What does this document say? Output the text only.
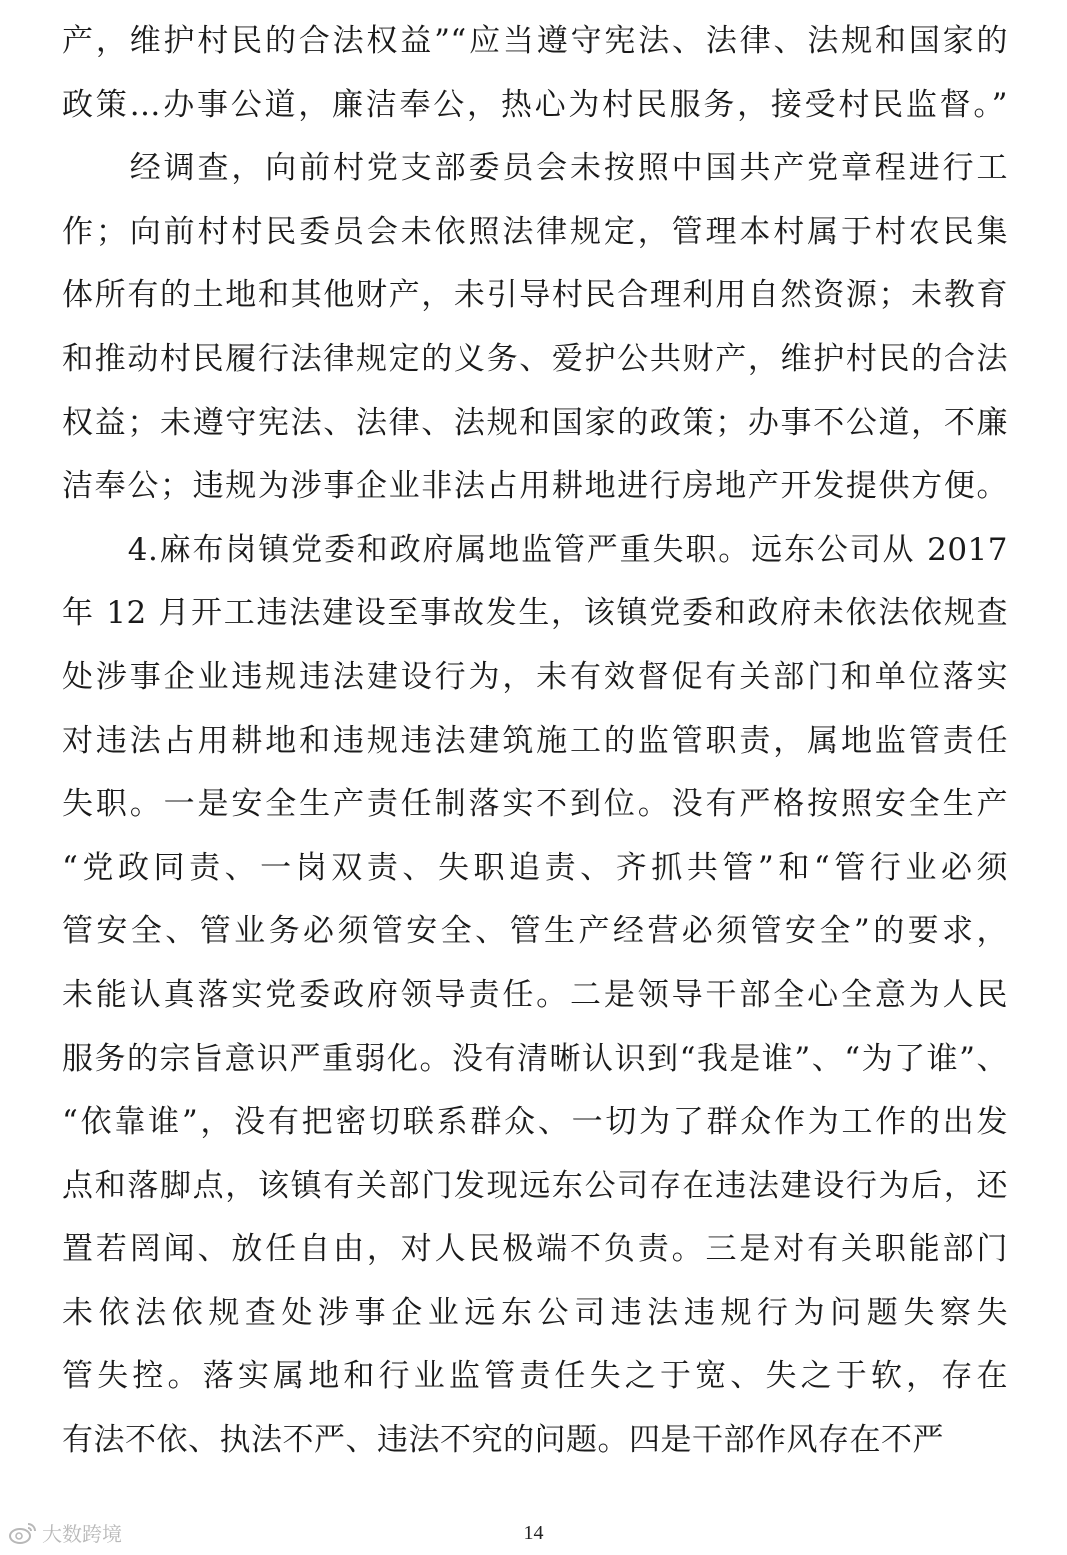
产，维护村民的合法权益”“应当遵守宪法、法律、法规和国家的
政策…办事公道，廉洁奉公，热心为村民服务，接受村民监督。”
　　经调查，向前村党支部委员会未按照中国共产党章程进行工
作；向前村村民委员会未依照法律规定，管理本村属于村农民集
体所有的土地和其他财产，未引导村民合理利用自然资源；未教育
和推动村民履行法律规定的义务、爱护公共财产，维护村民的合法
权益；未遵守宪法、法律、法规和国家的政策；办事不公道，不廉
洁奉公；违规为涉事企业非法占用耕地进行房地产开发提供方便。
　　4.麻布岗镇党委和政府属地监管严重失职。远东公司从 2017
年 12 月开工违法建设至事故发生，该镇党委和政府未依法依规查
处涉事企业违规违法建设行为，未有效督促有关部门和单位落实
对违法占用耕地和违规违法建筑施工的监管职责，属地监管责任
失职。一是安全生产责任制落实不到位。没有严格按照安全生产
“党政同责、一岗双责、失职追责、齐抓共管”和“管行业必须
管安全、管业务必须管安全、管生产经营必须管安全”的要求，
未能认真落实党委政府领导责任。二是领导干部全心全意为人民
服务的宗旨意识严重弱化。没有清晰认识到“我是谁”、“为了谁”、
“依靠谁”，没有把密切联系群众、一切为了群众作为工作的出发
点和落脚点，该镇有关部门发现远东公司存在违法建设行为后，还
置若罔闻、放任自由，对人民极端不负责。三是对有关职能部门
未依法依规查处涉事企业远东公司违法违规行为问题失察失
管失控。落实属地和行业监管责任失之于宽、失之于软，存在
有法不依、执法不严、违法不究的问题。四是干部作风存在不严
大数跨境	14
